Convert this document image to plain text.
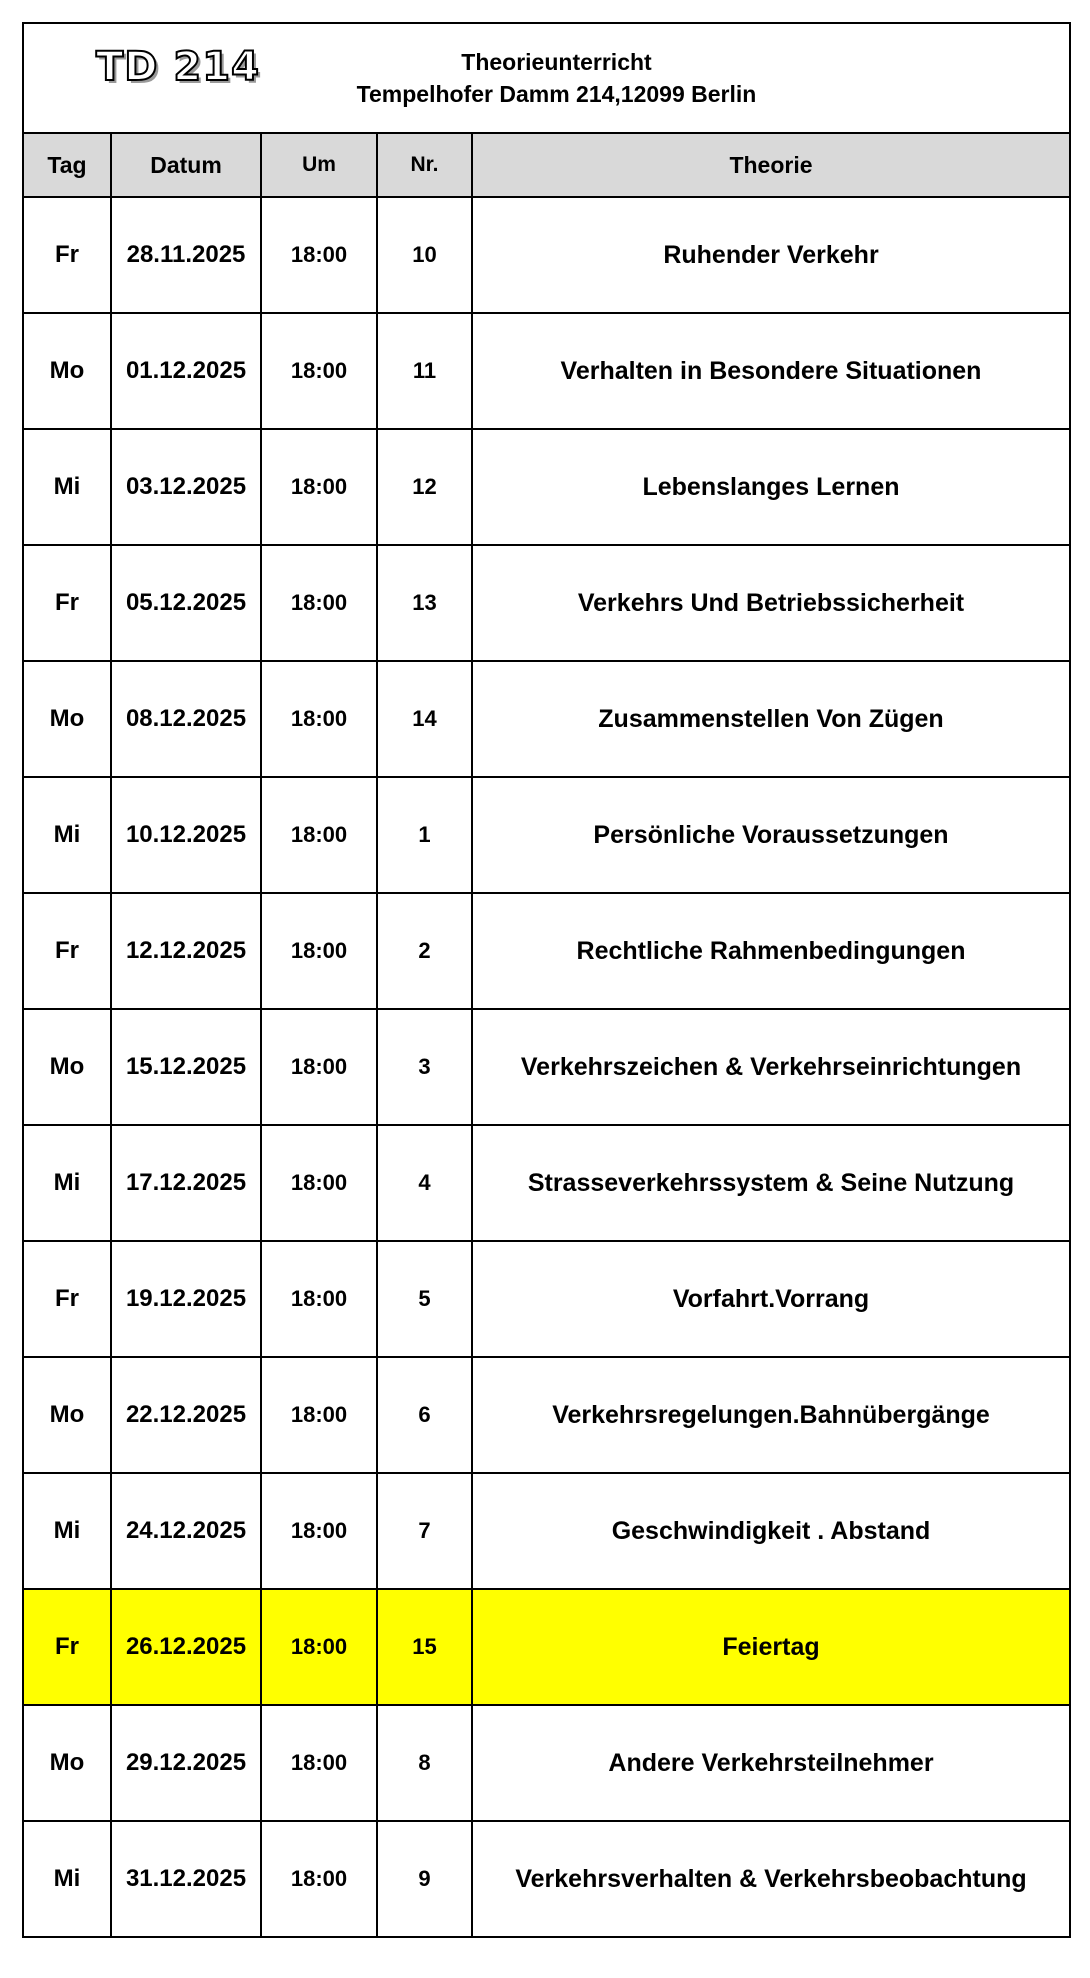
TD 214	Theorieunterricht
Tempelhofer Damm 214,12099 Berlin
Tag	Datum	Um	Nr.	Theorie
Fr	28.11.2025	18:00	10	Ruhender Verkehr
Mo	01.12.2025	18:00	11	Verhalten in Besondere Situationen
Mi	03.12.2025	18:00	12	Lebenslanges Lernen
Fr	05.12.2025	18:00	13	Verkehrs Und Betriebssicherheit
Mo	08.12.2025	18:00	14	Zusammenstellen Von Zügen
Mi	10.12.2025	18:00	1	Persönliche Voraussetzungen
Fr	12.12.2025	18:00	2	Rechtliche Rahmenbedingungen
Mo	15.12.2025	18:00	3	Verkehrszeichen & Verkehrseinrichtungen
Mi	17.12.2025	18:00	4	Strasseverkehrssystem & Seine Nutzung
Fr	19.12.2025	18:00	5	Vorfahrt.Vorrang
Mo	22.12.2025	18:00	6	Verkehrsregelungen.Bahnübergänge
Mi	24.12.2025	18:00	7	Geschwindigkeit . Abstand
Fr	26.12.2025	18:00	15	Feiertag
Mo	29.12.2025	18:00	8	Andere Verkehrsteilnehmer
Mi	31.12.2025	18:00	9	Verkehrsverhalten & Verkehrsbeobachtung
